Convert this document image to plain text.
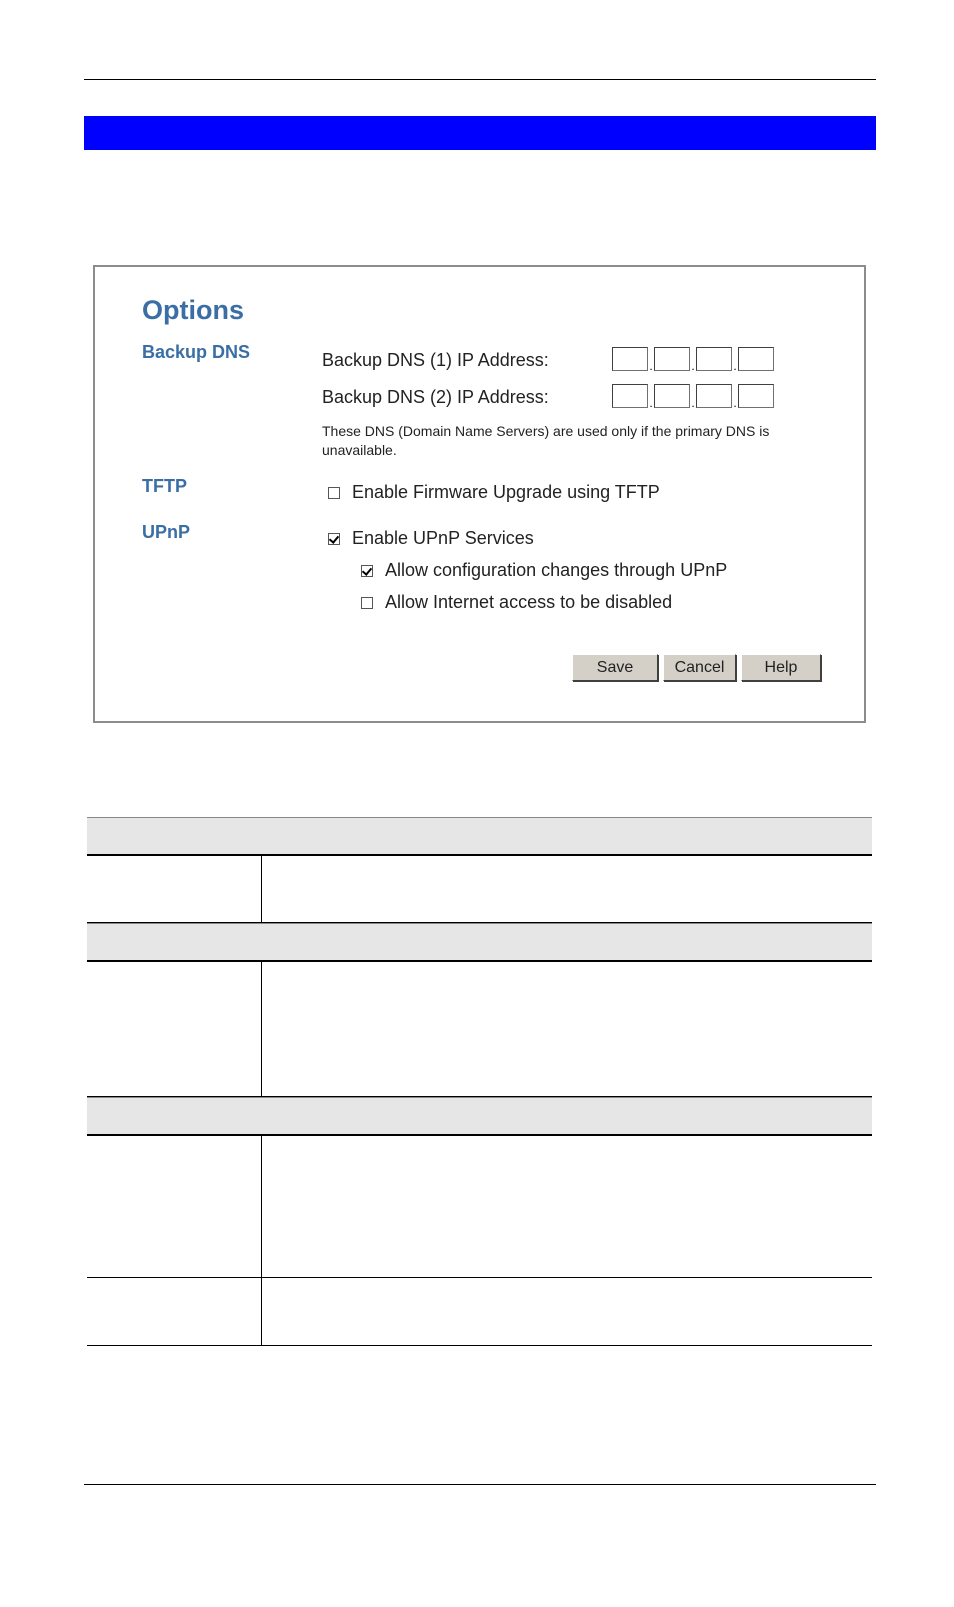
Options
Backup DNS	Backup DNS (1) IP Address:	.	.	.
Backup DNS (2) IP Address:	.	.	.
These DNS (Domain Name Servers) are used only if the primary DNS is unavailable.
TFTP	Enable Firmware Upgrade using TFTP
UPnP	Enable UPnP Services
Allow configuration changes through UPnP
Allow Internet access to be disabled
Save	Cancel	Help
